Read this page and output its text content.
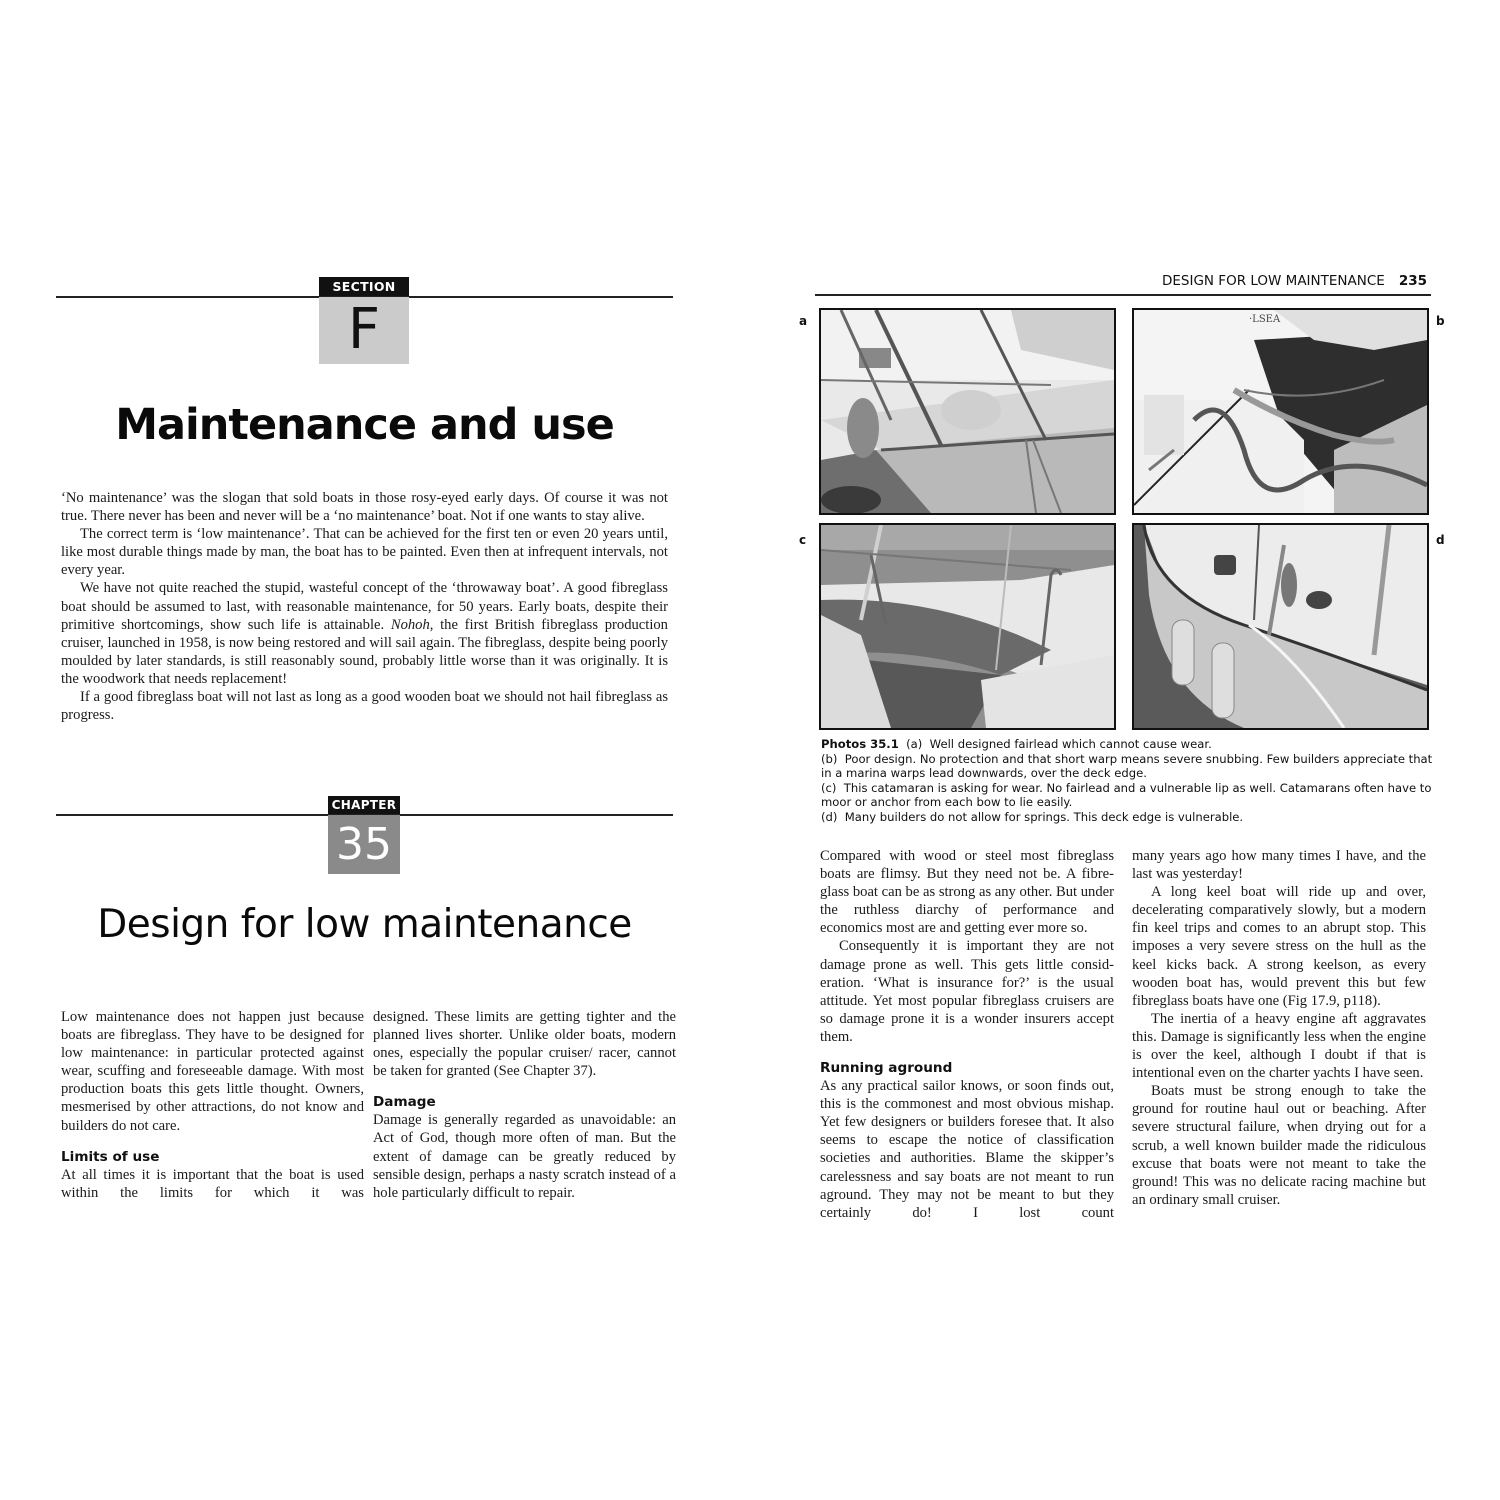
SECTION
F
Maintenance and use

‘No maintenance’ was the slogan that sold boats in those rosy-eyed early days. Of course it was not true. There never has been and never will be a ‘no maintenance’ boat. Not if one wants to stay alive.

The correct term is ‘low maintenance’. That can be achieved for the first ten or even 20 years until, like most durable things made by man, the boat has to be painted. Even then at infrequent intervals, not every year.

We have not quite reached the stupid, wasteful concept of the ‘throwaway boat’. A good fibreglass boat should be assumed to last, with reasonable maintenance, for 50 years. Early boats, despite their primitive shortcomings, show such life is attainable. Nohoh, the first British fibreglass production cruiser, launched in 1958, is now being restored and will sail again. The fibreglass, despite being poorly moulded by later standards, is still reasonably sound, probably little worse than it was originally. It is the woodwork that needs replacement!

If a good fibreglass boat will not last as long as a good wooden boat we should not hail fibreglass as progress.

CHAPTER
35
Design for low maintenance

Low maintenance does not happen just because boats are fibreglass. They have to be designed for low maintenance: in particular protected against wear, scuffing and foreseeable damage. With most production boats this gets little thought. Owners, mesmerised by other attractions, do not know and builders do not care.

Limits of use

At all times it is important that the boat is used within the limits for which it was

designed. These limits are getting tighter and the planned lives shorter. Unlike older boats, modern ones, especially the popular cruiser/ racer, cannot be taken for granted (See Chapter 37).

Damage

Damage is generally regarded as unavoidable: an Act of God, though more often of man. But the extent of damage can be greatly reduced by sensible design, perhaps a nasty scratch instead of a hole particularly difficult to repair.

DESIGN FOR LOW MAINTENANCE 235
a	b
·LSEA
c	d

Photos 35.1 (a) Well designed fairlead which cannot cause wear.

(b) Poor design. No protection and that short warp means severe snubbing. Few builders appreciate that in a marina warps lead downwards, over the deck edge.

(c) This catamaran is asking for wear. No fairlead and a vulnerable lip as well. Catamarans often have to moor or anchor from each bow to lie easily.

(d) Many builders do not allow for springs. This deck edge is vulnerable.

Compared with wood or steel most fibreglass boats are flimsy. But they need not be. A fibreglass boat can be as strong as any other. But under the ruthless diarchy of performance and economics most are and getting ever more so.

Consequently it is important they are not damage prone as well. This gets little consideration. ‘What is insurance for?’ is the usual attitude. Yet most popular fibreglass cruisers are so damage prone it is a wonder insurers accept them.

Running aground

As any practical sailor knows, or soon finds out, this is the commonest and most obvious mishap. Yet few designers or builders foresee that. It also seems to escape the notice of classification societies and authorities. Blame the skipper’s carelessness and say boats are not meant to run aground. They may not be meant to but they certainly do! I lost count

many years ago how many times I have, and the last was yesterday!

A long keel boat will ride up and over, decelerating comparatively slowly, but a modern fin keel trips and comes to an abrupt stop. This imposes a very severe stress on the hull as the keel kicks back. A strong keelson, as every wooden boat has, would prevent this but few fibreglass boats have one (Fig 17.9, p118).

The inertia of a heavy engine aft aggravates this. Damage is significantly less when the engine is over the keel, although I doubt if that is intentional even on the charter yachts I have seen.

Boats must be strong enough to take the ground for routine haul out or beaching. After severe structural failure, when drying out for a scrub, a well known builder made the ridiculous excuse that boats were not meant to take the ground! This was no delicate racing machine but an ordinary small cruiser.
